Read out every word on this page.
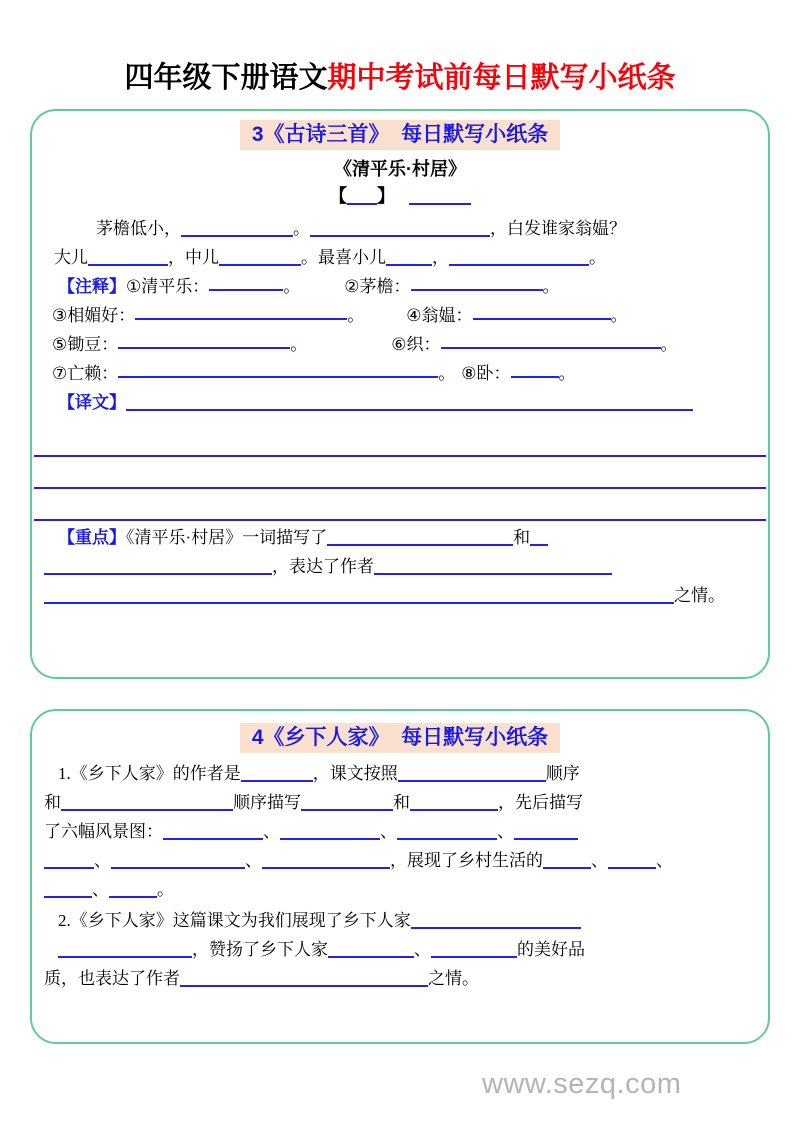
四年级下册语文期中考试前每日默写小纸条
3《古诗三首》  每日默写小纸条
《清平乐·村居》
【 】
茅檐低小，	。	，白发谁家翁媪？
大儿	，中儿	。最喜小儿	，	。
【注释】 ① 清平乐：	。	② 茅檐：	。
③ 相媚好：	。 ④ 翁媪：	。
⑤ 锄豆：	。	⑥ 织：	。
⑦ 亡赖：	。 ⑧ 卧：	。
【译文】
【重点】《清平乐·村居》一词描写了	和
，表达了作者
之情。
4《乡下人家》  每日默写小纸条
1.《乡下人家》的作者是	，课文按照	顺序
和	顺序描写	和	，先后描写
了六幅风景图：	、	、	、
、	、	，展现了乡村生活的	、	、
、	。
2.《乡下人家》这篇课文为我们展现了乡下人家
，赞扬了乡下人家	、	的美好品
质，也表达了作者	之情。
www.sezq.com
